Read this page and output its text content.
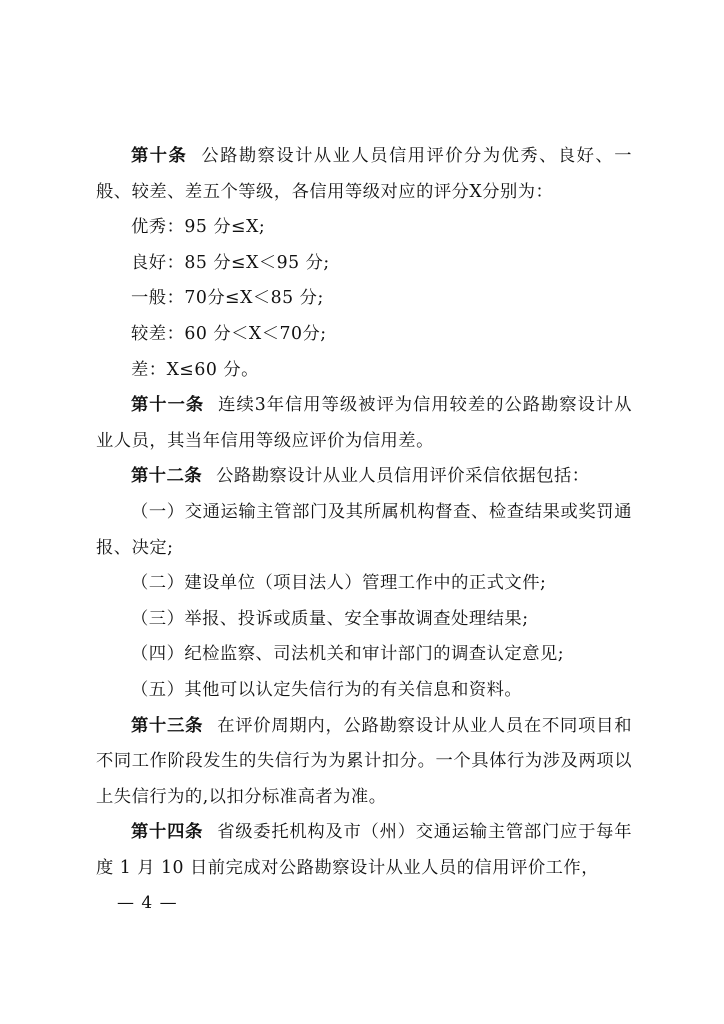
第十条 公路勘察设计从业人员信用评价分为优秀、良好、一般、较差、差五个等级，各信用等级对应的评分X分别为：

优秀：95 分≤X;

良好：85 分≤X＜95 分;

一般：70分≤X＜85 分;

较差：60 分＜X＜70分;

差：X≤60 分。

第十一条 连续3年信用等级被评为信用较差的公路勘察设计从业人员，其当年信用等级应评价为信用差。

第十二条 公路勘察设计从业人员信用评价采信依据包括：

（一）交通运输主管部门及其所属机构督查、检查结果或奖罚通报、决定;

（二）建设单位（项目法人）管理工作中的正式文件;

（三）举报、投诉或质量、安全事故调查处理结果;

（四）纪检监察、司法机关和审计部门的调查认定意见;

（五）其他可以认定失信行为的有关信息和资料。

第十三条 在评价周期内，公路勘察设计从业人员在不同项目和不同工作阶段发生的失信行为为累计扣分。一个具体行为涉及两项以上失信行为的,以扣分标准高者为准。

第十四条 省级委托机构及市（州）交通运输主管部门应于每年度 1 月 10 日前完成对公路勘察设计从业人员的信用评价工作，

— 4 —
